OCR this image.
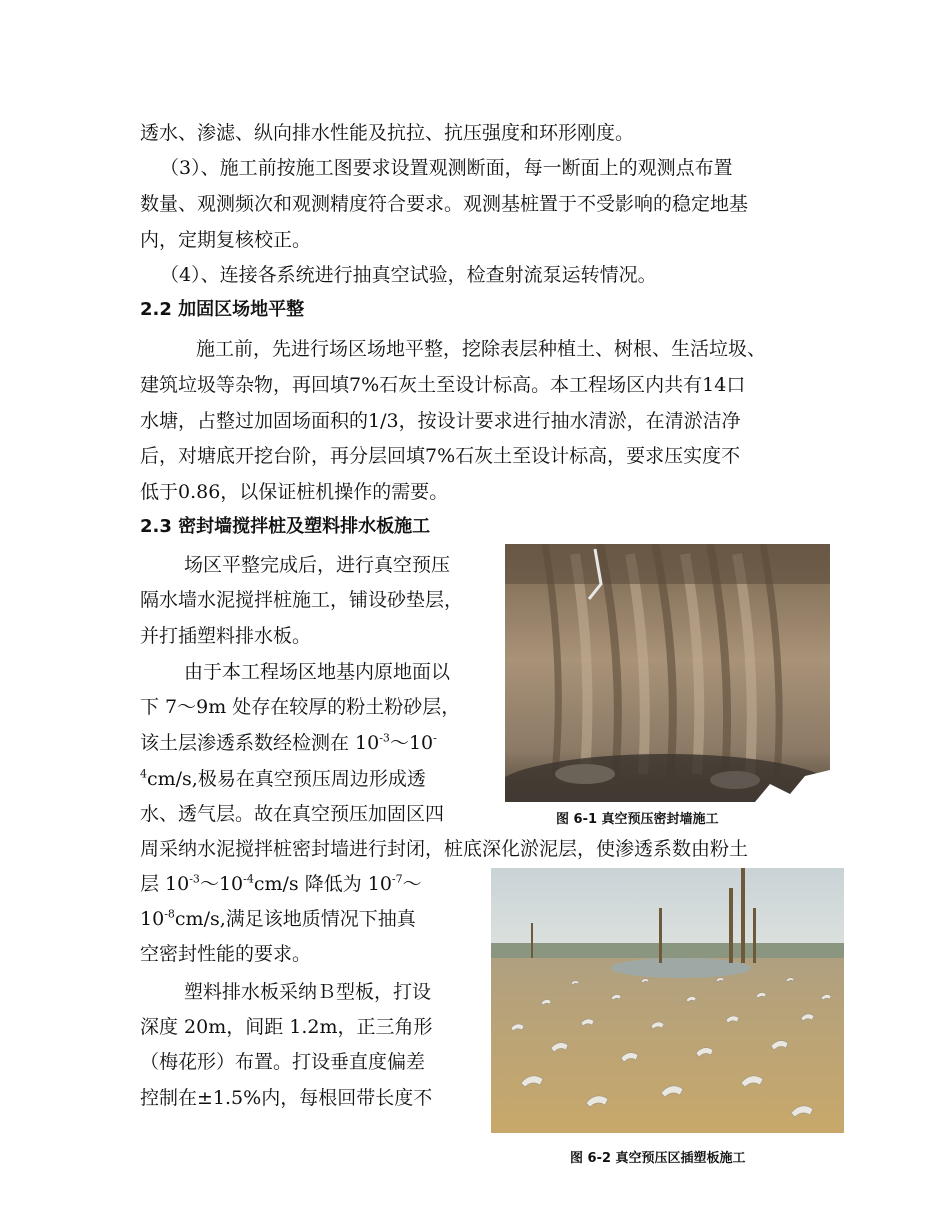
透水、渗滤、纵向排水性能及抗拉、抗压强度和环形刚度。
（3）、施工前按施工图要求设置观测断面，每一断面上的观测点布置
数量、观测频次和观测精度符合要求。观测基桩置于不受影响的稳定地基
内，定期复核校正。
（4）、连接各系统进行抽真空试验，检查射流泵运转情况。
2.2 加固区场地平整
施工前，先进行场区场地平整，挖除表层种植土、树根、生活垃圾、
建筑垃圾等杂物，再回填7%石灰土至设计标高。本工程场区内共有14口
水塘，占整过加固场面积的1/3，按设计要求进行抽水清淤，在清淤洁净
后，对塘底开挖台阶，再分层回填7%石灰土至设计标高，要求压实度不
低于0.86，以保证桩机操作的需要。
2.3 密封墙搅拌桩及塑料排水板施工
场区平整完成后，进行真空预压
隔水墙水泥搅拌桩施工，铺设砂垫层，
并打插塑料排水板。
由于本工程场区地基内原地面以
下 7～9m 处存在较厚的粉土粉砂层，
该土层渗透系数经检测在 $10^{-3}\sim 10^-$
$^4$cm/s,极易在真空预压周边形成透
水、透气层。故在真空预压加固区四
周采纳水泥搅拌桩密封墙进行封闭，桩底深化淤泥层，使渗透系数由粉土
层 $10^{-3}\sim 10^{-4}cm/s$ 降低为 $10^{-7}\sim$
$10^{-8}cm/s$,满足该地质情况下抽真
空密封性能的要求。
塑料排水板采纳Ｂ型板，打设
深度 20m，间距 1.2m，正三角形
（梅花形）布置。打设垂直度偏差
控制在±1.5%内，每根回带长度不
图 6-1 真空预压密封墙施工
图 6-2 真空预压区插塑板施工
